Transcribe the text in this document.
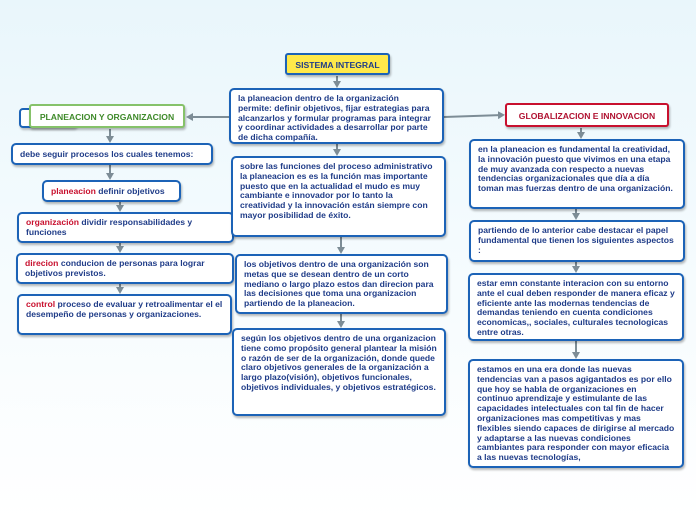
SISTEMA INTEGRAL
PLANEACION Y ORGANIZACION
debe seguir procesos los cuales tenemos:
planeacion definir objetivos
organización dividir responsabilidades y funciones
direcion conducion de personas para lograr objetivos previstos.
control proceso de evaluar y retroalimentar el el desempeño de personas y organizaciones.
la planeacion dentro de la organización permite: definir objetivos, fijar estrategias para alcanzarlos y formular programas para integrar y coordinar actividades a desarrollar por parte de dicha compañía.
sobre las funciones del proceso administrativo la planeacion es es la función mas importante puesto que en la actualidad el mudo es muy cambiante e innovador por lo tanto la creatividad y la innovación están siempre con mayor posibilidad de éxito.
los objetivos dentro de una organización son metas que se desean dentro de un corto mediano o largo plazo estos dan direcion para las decisiones que toma una organizacion partiendo de la planeacion.
según los objetivos dentro de una organizacion tiene como propósito general plantear la misión o razón de ser de la organización, donde quede claro objetivos generales de la organización a largo plazo(visión), objetivos funcionales, objetivos individuales, y objetivos estratégicos.
GLOBALIZACION E INNOVACION
en la planeacion es fundamental la creatividad, la innovación puesto que vivimos en una etapa de muy avanzada con respecto a nuevas tendencias organizacionales que día a día toman mas fuerzas dentro de una organización.
partiendo de lo anterior cabe destacar el papel fundamental que tienen los siguientes aspectos :
estar emn constante interacion con su entorno ante el cual deben responder de manera eficaz y eficiente ante las modernas tendencias de demandas teniendo en cuenta condiciones economicas,, sociales, culturales tecnologicas entre otras.
estamos en una era donde las nuevas tendencias van a pasos agigantados es por ello que hoy se habla de organizaciones en continuo aprendizaje y estimulante de las capacidades intelectuales con tal fin de hacer organizaciones mas competitivas y mas flexibles siendo capaces de dirigirse al mercado y adaptarse a las nuevas condiciones cambiantes para responder con mayor eficacia a las nuevas tecnologías,
